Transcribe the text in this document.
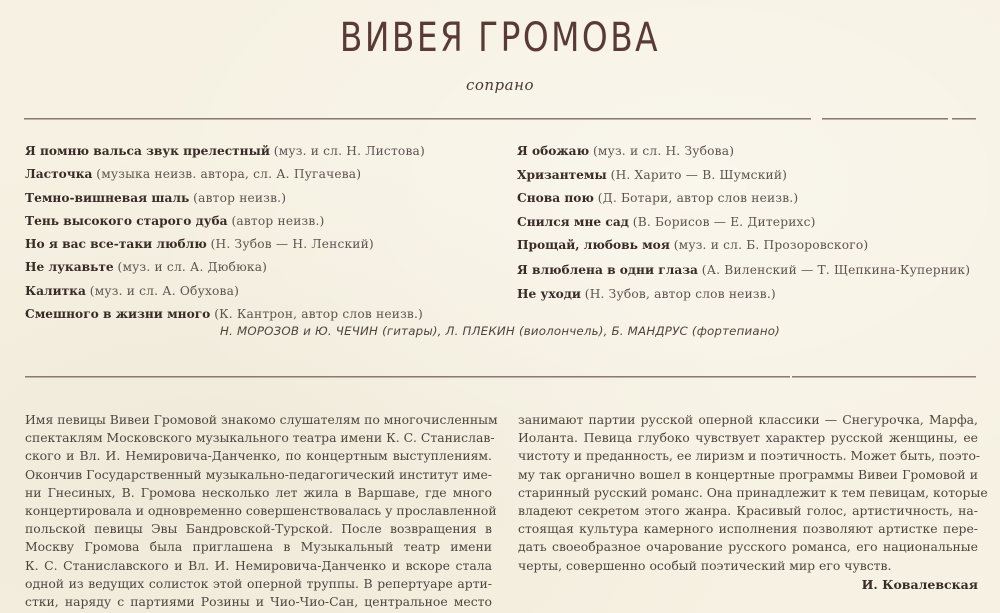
ВИВЕЯ ГРОМОВА
сопрано
Я помню вальса звук прелестный (муз. и сл. Н. Листова)
Ласточка (музыка неизв. автора, сл. А. Пугачева)
Темно-вишневая шаль (автор неизв.)
Тень высокого старого дуба (автор неизв.)
Но я вас все-таки люблю (Н. Зубов — Н. Ленский)
Не лукавьте (муз. и сл. А. Дюбюка)
Калитка (муз. и сл. А. Обухова)
Смешного в жизни много (К. Кантрон, автор слов неизв.)
Я обожаю (муз. и сл. Н. Зубова)
Хризантемы (Н. Харито — В. Шумский)
Снова пою (Д. Ботари, автор слов неизв.)
Снился мне сад (В. Борисов — Е. Дитерихс)
Прощай, любовь моя (муз. и сл. Б. Прозоровского)
Я влюблена в одни глаза (А. Виленский — Т. Щепкина-Куперник)
Не уходи (Н. Зубов, автор слов неизв.)
Н. МОРОЗОВ и Ю. ЧЕЧИН (гитары), Л. ПЛЕКИН (виолончель), Б. МАНДРУС (фортепиано)
Имя певицы Вивеи Громовой знакомо слушателям по многочисленным
спектаклям Московского музыкального театра имени К. С. Станислав-
ского и Вл. И. Немировича-Данченко, по концертным выступлениям.
Окончив Государственный музыкально-педагогический институт име-
ни Гнесиных, В. Громова несколько лет жила в Варшаве, где много
концертировала и одновременно совершенствовалась у прославленной
польской певицы Эвы Бандровской-Турской. После возвращения в
Москву Громова была приглашена в Музыкальный театр имени
К. С. Станиславского и Вл. И. Немировича-Данченко и вскоре стала
одной из ведущих солисток этой оперной труппы. В репертуаре арти-
стки, наряду с партиями Розины и Чио-Чио-Сан, центральное место
занимают партии русской оперной классики — Снегурочка, Марфа,
Иоланта. Певица глубоко чувствует характер русской женщины, ее
чистоту и преданность, ее лиризм и поэтичность. Может быть, поэто-
му так органично вошел в концертные программы Вивеи Громовой и
старинный русский романс. Она принадлежит к тем певицам, которые
владеют секретом этого жанра. Красивый голос, артистичность, на-
стоящая культура камерного исполнения позволяют артистке пере-
дать своеобразное очарование русского романса, его национальные
черты, совершенно особый поэтический мир его чувств.
И. Ковалевская
